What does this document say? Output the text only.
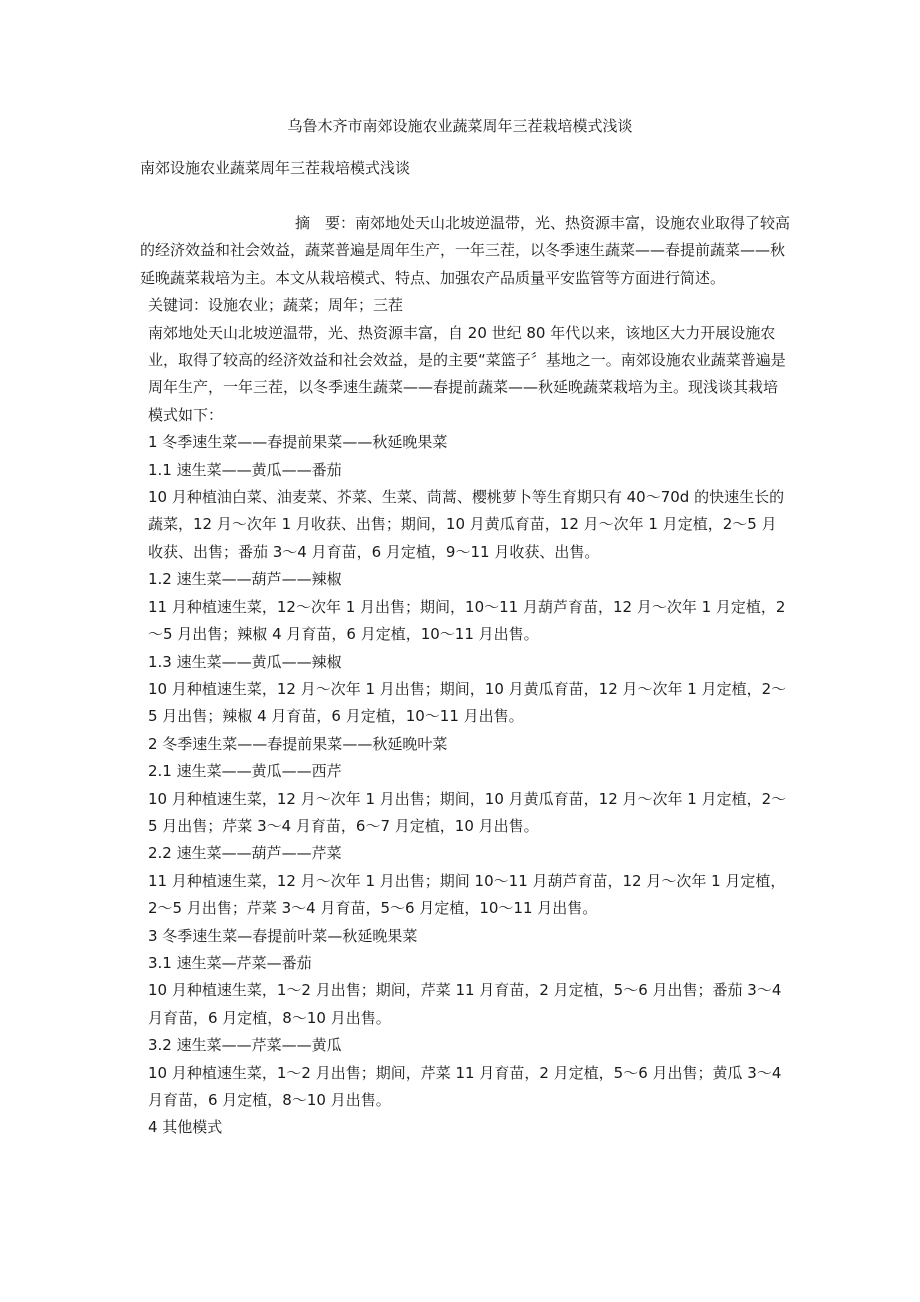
乌鲁木齐市南郊设施农业蔬菜周年三茬栽培模式浅谈
南郊设施农业蔬菜周年三茬栽培模式浅谈

摘　要：南郊地处天山北坡逆温带，光、热资源丰富，设施农业取得了较高的经济效益和社会效益，蔬菜普遍是周年生产，一年三茬，以冬季速生蔬菜——春提前蔬菜——秋延晚蔬菜栽培为主。本文从栽培模式、特点、加强农产品质量平安监管等方面进行简述。

关键词：设施农业；蔬菜；周年；三茬

南郊地处天山北坡逆温带，光、热资源丰富，自 20 世纪 80 年代以来，该地区大力开展设施农业，取得了较高的经济效益和社会效益，是的主要“菜篮子〞基地之一。南郊设施农业蔬菜普遍是周年生产，一年三茬，以冬季速生蔬菜——春提前蔬菜——秋延晚蔬菜栽培为主。现浅谈其栽培模式如下：

1 冬季速生菜——春提前果菜——秋延晚果菜

1.1 速生菜——黄瓜——番茄

10 月种植油白菜、油麦菜、芥菜、生菜、茼蒿、樱桃萝卜等生育期只有 40～70d 的快速生长的蔬菜，12 月～次年 1 月收获、出售；期间，10 月黄瓜育苗，12 月～次年 1 月定植，2～5 月收获、出售；番茄 3～4 月育苗，6 月定植，9～11 月收获、出售。

1.2 速生菜——葫芦——辣椒

11 月种植速生菜，12～次年 1 月出售；期间，10～11 月葫芦育苗，12 月～次年 1 月定植，2～5 月出售；辣椒 4 月育苗，6 月定植，10～11 月出售。

1.3 速生菜——黄瓜——辣椒

10 月种植速生菜，12 月～次年 1 月出售；期间，10 月黄瓜育苗，12 月～次年 1 月定植，2～5 月出售；辣椒 4 月育苗，6 月定植，10～11 月出售。

2 冬季速生菜——春提前果菜——秋延晚叶菜

2.1 速生菜——黄瓜——西芹

10 月种植速生菜，12 月～次年 1 月出售；期间，10 月黄瓜育苗，12 月～次年 1 月定植，2～5 月出售；芹菜 3～4 月育苗，6～7 月定植，10 月出售。

2.2 速生菜——葫芦——芹菜

11 月种植速生菜，12 月～次年 1 月出售；期间 10～11 月葫芦育苗，12 月～次年 1 月定植，2～5 月出售；芹菜 3～4 月育苗，5～6 月定植，10～11 月出售。

3 冬季速生菜—春提前叶菜—秋延晚果菜

3.1 速生菜—芹菜—番茄

10 月种植速生菜，1～2 月出售；期间，芹菜 11 月育苗，2 月定植，5～6 月出售；番茄 3～4 月育苗，6 月定植，8～10 月出售。

3.2 速生菜——芹菜——黄瓜

10 月种植速生菜，1～2 月出售；期间，芹菜 11 月育苗，2 月定植，5～6 月出售；黄瓜 3～4 月育苗，6 月定植，8～10 月出售。

4 其他模式
